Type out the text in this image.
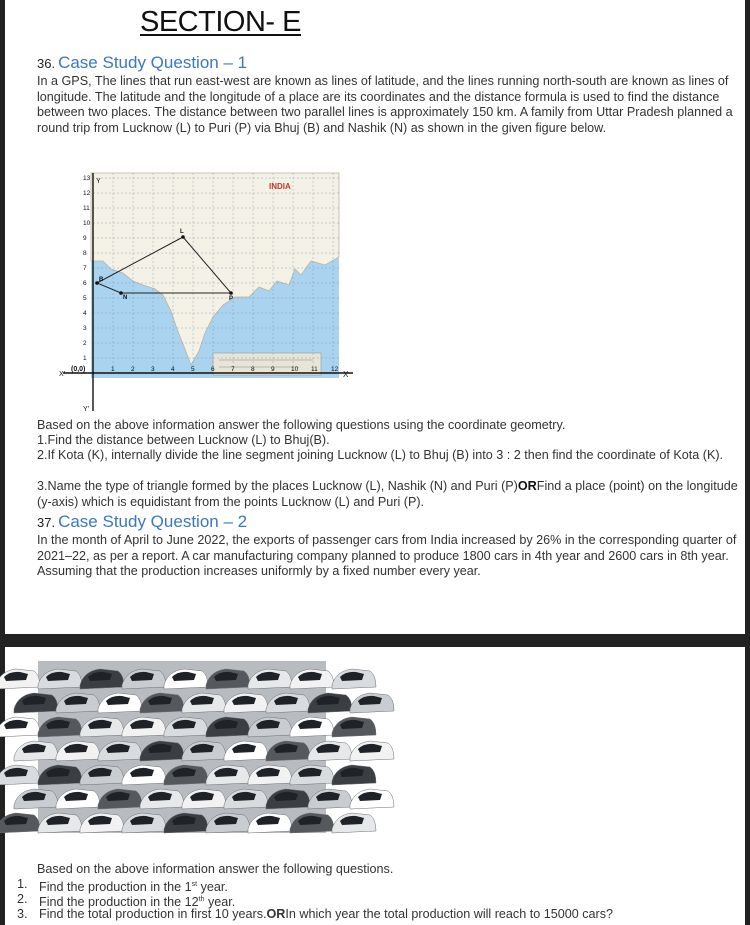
SECTION- E
36. Case Study Question – 1
In a GPS, The lines that run east-west are known as lines of latitude, and the lines running north-south are known as lines of longitude. The latitude and the longitude of a place are its coordinates and the distance formula is used to find the distance between two places. The distance between two parallel lines is approximately 150 km. A family from Uttar Pradesh planned a round trip from Lucknow (L) to Puri (P) via Bhuj (B) and Nashik (N) as shown in the given figure below.
1	2	3	4	5	6	7	8	9	10 11 12
1
2
3
4
5
6
7
8
9
10
11
12
13
X'	X
Y
Y'
(0,0)
INDIA
L
B
N	P
Based on the above information answer the following questions using the coordinate geometry.
1.Find the distance between Lucknow (L) to Bhuj(B).
2.If Kota (K), internally divide the line segment joining Lucknow (L) to Bhuj (B) into 3 : 2 then find the coordinate of Kota (K).
3.Name the type of triangle formed by the places Lucknow (L), Nashik (N) and Puri (P)ORFind a place (point) on the longitude (y-axis) which is equidistant from the points Lucknow (L) and Puri (P).
37. Case Study Question – 2
In the month of April to June 2022, the exports of passenger cars from India increased by 26% in the corresponding quarter of 2021–22, as per a report. A car manufacturing company planned to produce 1800 cars in 4th year and 2600 cars in 8th year. Assuming that the production increases uniformly by a fixed number every year.
Based on the above information answer the following questions.
1. Find the production in the 1st year.
2. Find the production in the 12th year.
3. Find the total production in first 10 years.ORIn which year the total production will reach to 15000 cars?
